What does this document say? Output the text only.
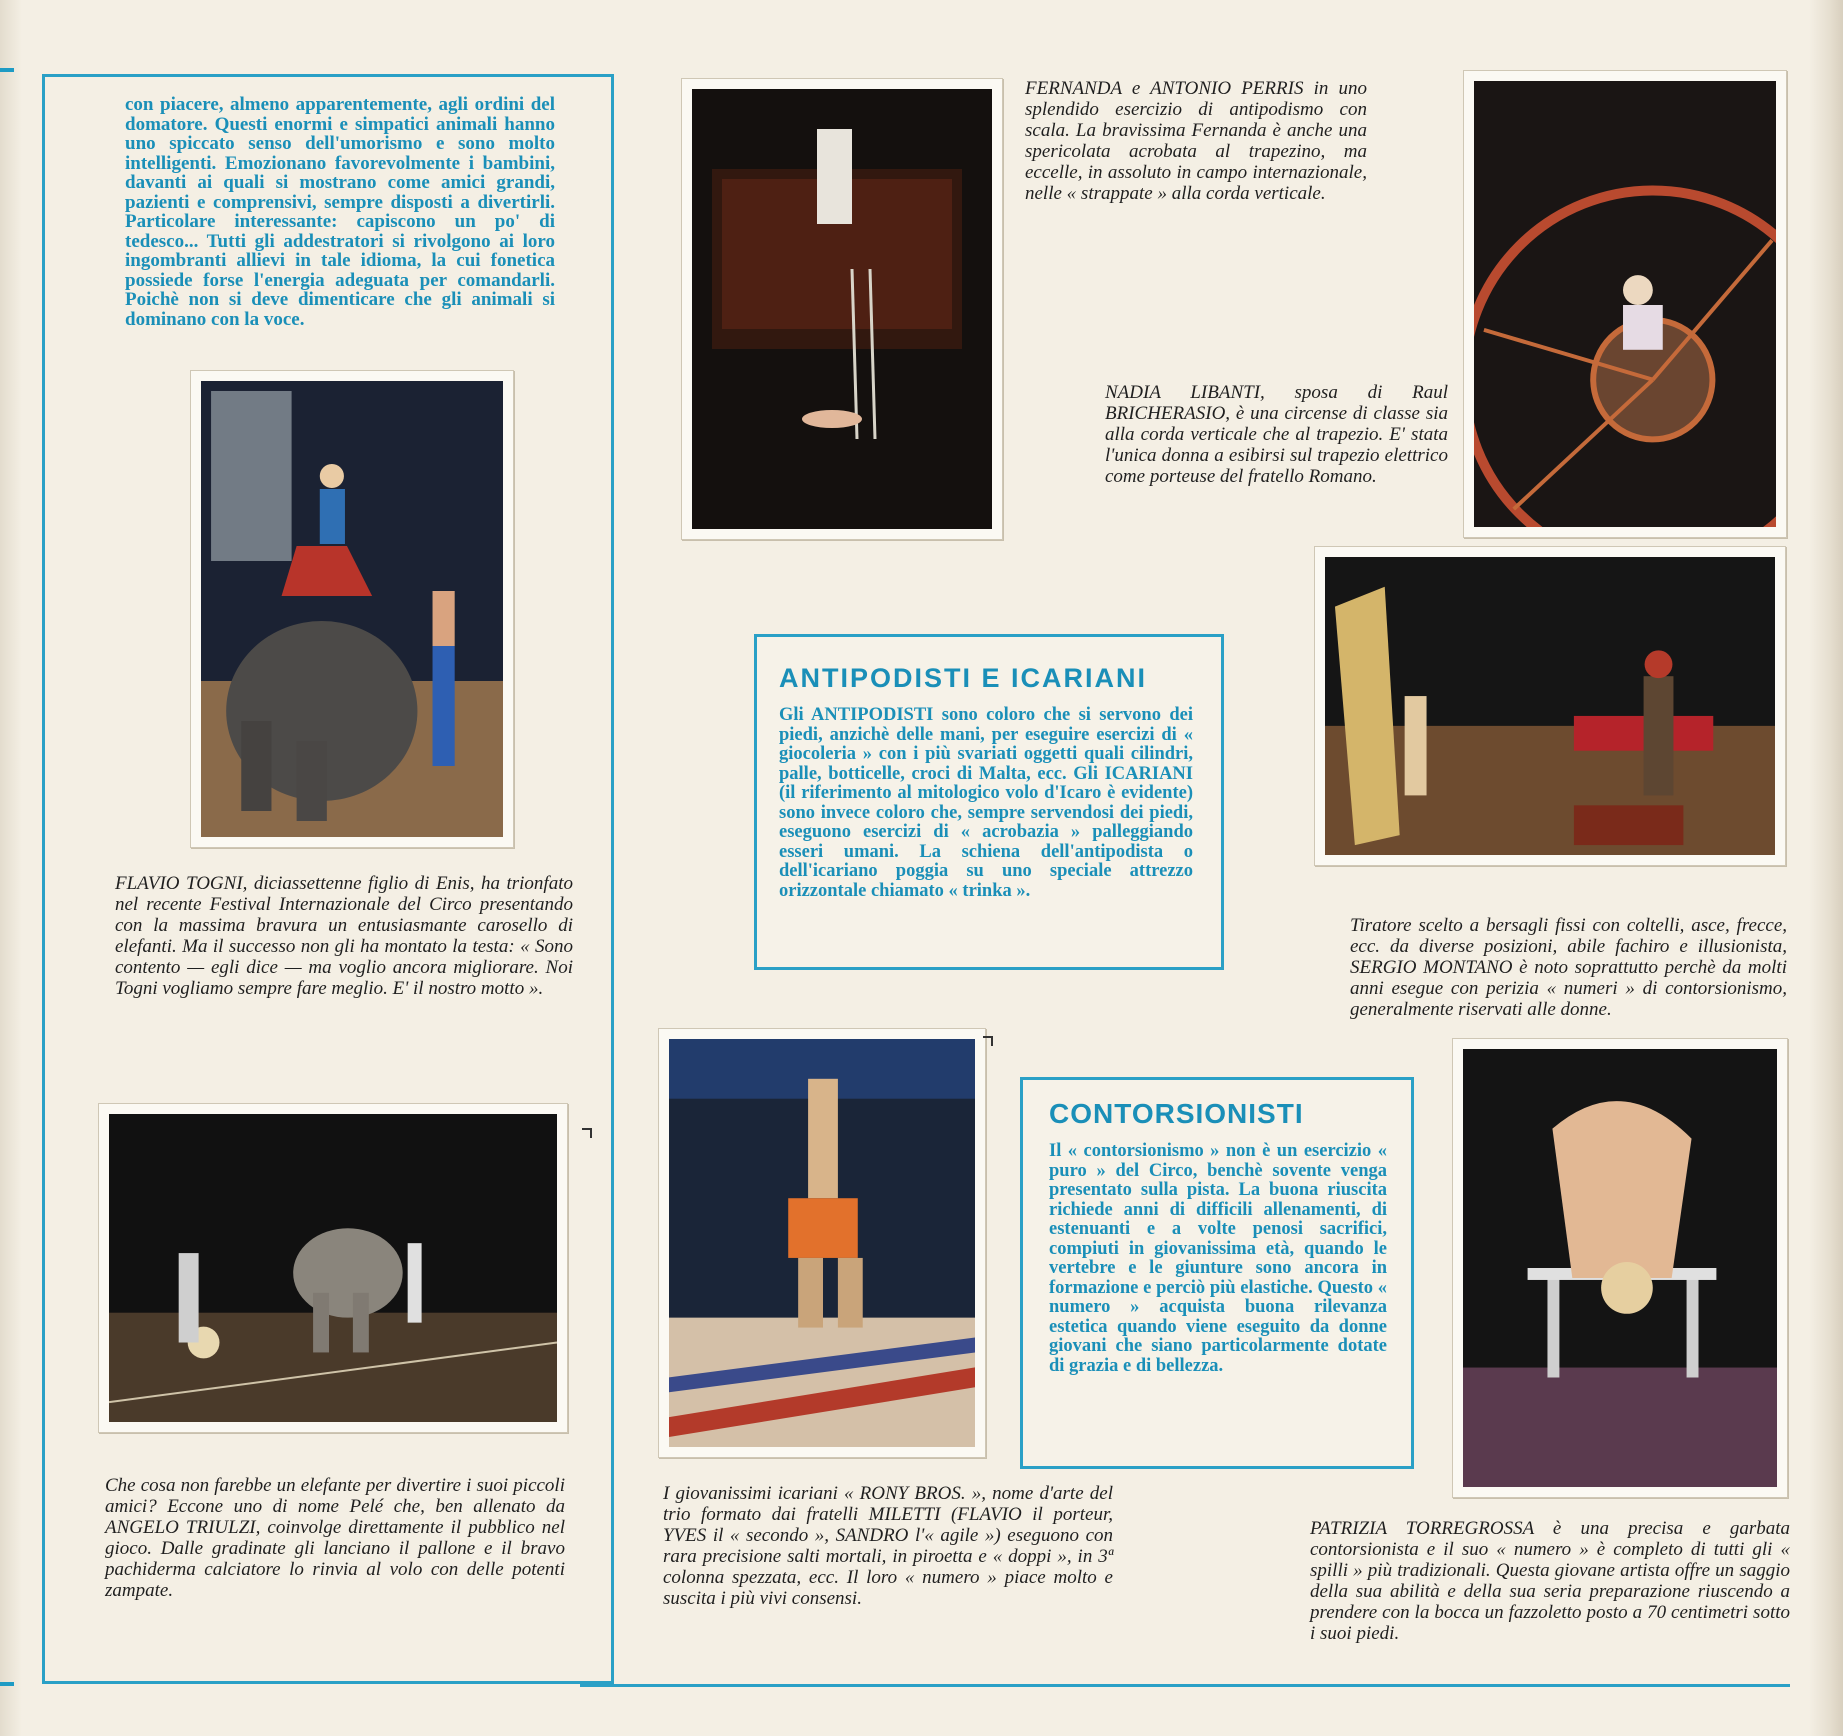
con piacere, almeno apparentemente, agli ordini del domatore. Questi enormi e simpatici animali hanno uno spiccato senso dell'umorismo e sono molto intelligenti. Emozionano favorevolmente i bambini, davanti ai quali si mostrano come amici grandi, pazienti e comprensivi, sempre disposti a divertirli. Particolare interessante: capiscono un po' di tedesco... Tutti gli addestratori si rivolgono ai loro ingombranti allievi in tale idioma, la cui fonetica possiede forse l'energia adeguata per comandarli. Poichè non si deve dimenticare che gli animali si dominano con la voce.

FLAVIO TOGNI, diciassettenne figlio di Enis, ha trionfato nel recente Festival Internazionale del Circo presentando con la massima bravura un entusiasmante carosello di elefanti. Ma il successo non gli ha montato la testa: « Sono contento — egli dice — ma voglio ancora migliorare. Noi Togni vogliamo sempre fare meglio. E' il nostro motto ».

Che cosa non farebbe un elefante per divertire i suoi piccoli amici? Eccone uno di nome Pelé che, ben allenato da ANGELO TRIULZI, coinvolge direttamente il pubblico nel gioco. Dalle gradinate gli lanciano il pallone e il bravo pachiderma calciatore lo rinvia al volo con delle potenti zampate.

FERNANDA e ANTONIO PERRIS in uno splendido esercizio di antipodismo con scala. La bravissima Fernanda è anche una spericolata acrobata al trapezino, ma eccelle, in assoluto in campo internazionale, nelle « strappate » alla corda verticale.

NADIA LIBANTI, sposa di Raul BRICHERASIO, è una circense di classe sia alla corda verticale che al trapezio. E' stata l'unica donna a esibirsi sul trapezio elettrico come porteuse del fratello Romano.

ANTIPODISTI E ICARIANI

Gli ANTIPODISTI sono coloro che si servono dei piedi, anzichè delle mani, per eseguire esercizi di « giocoleria » con i più svariati oggetti quali cilindri, palle, botticelle, croci di Malta, ecc. Gli ICARIANI (il riferimento al mitologico volo d'Icaro è evidente) sono invece coloro che, sempre servendosi dei piedi, eseguono esercizi di « acrobazia » palleggiando esseri umani. La schiena dell'antipodista o dell'icariano poggia su uno speciale attrezzo orizzontale chiamato « trinka ».

Tiratore scelto a bersagli fissi con coltelli, asce, frecce, ecc. da diverse posizioni, abile fachiro e illusionista, SERGIO MONTANO è noto soprattutto perchè da molti anni esegue con perizia « numeri » di contorsionismo, generalmente riservati alle donne.

I giovanissimi icariani « RONY BROS. », nome d'arte del trio formato dai fratelli MILETTI (FLAVIO il porteur, YVES il « secondo », SANDRO l'« agile ») eseguono con rara precisione salti mortali, in piroetta e « doppi », in 3ª colonna spezzata, ecc. Il loro « numero » piace molto e suscita i più vivi consensi.

CONTORSIONISTI

Il « contorsionismo » non è un esercizio « puro » del Circo, benchè sovente venga presentato sulla pista. La buona riuscita richiede anni di difficili allenamenti, di estenuanti e a volte penosi sacrifici, compiuti in giovanissima età, quando le vertebre e le giunture sono ancora in formazione e perciò più elastiche. Questo « numero » acquista buona rilevanza estetica quando viene eseguito da donne giovani che siano particolarmente dotate di grazia e di bellezza.

PATRIZIA TORREGROSSA è una precisa e garbata contorsionista e il suo « numero » è completo di tutti gli « spilli » più tradizionali. Questa giovane artista offre un saggio della sua abilità e della sua seria preparazione riuscendo a prendere con la bocca un fazzoletto posto a 70 centimetri sotto i suoi piedi.
